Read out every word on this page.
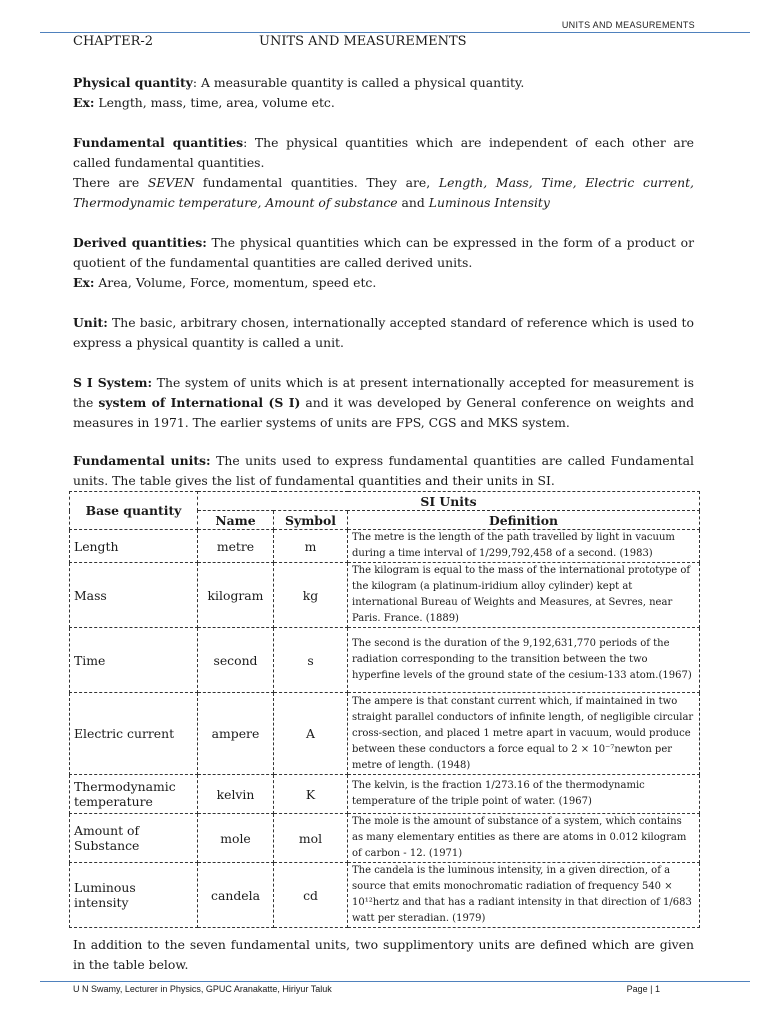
UNITS AND MEASUREMENTS
CHAPTER-2	UNITS AND MEASUREMENTS

Physical quantity: A measurable quantity is called a physical quantity.

Ex: Length, mass, time, area, volume etc.

Fundamental quantities: The physical quantities which are independent of each other are called fundamental quantities.

There are SEVEN fundamental quantities. They are, Length, Mass, Time, Electric current, Thermodynamic temperature, Amount of substance and Luminous Intensity

Derived quantities: The physical quantities which can be expressed in the form of a product or quotient of the fundamental quantities are called derived units.

Ex: Area, Volume, Force, momentum, speed etc.

Unit: The basic, arbitrary chosen, internationally accepted standard of reference which is used to express a physical quantity is called a unit.

S I System: The system of units which is at present internationally accepted for measurement is the system of International (S I) and it was developed by General conference on weights and measures in 1971. The earlier systems of units are FPS, CGS and MKS system.

Fundamental units: The units used to express fundamental quantities are called Fundamental units. The table gives the list of fundamental quantities and their units in SI.

Base quantity	SI Units		
	Name	Symbol	Definition
Length	metre	m	The metre is the length of the path travelled by light in vacuum during a time interval of 1/299,792,458 of a second. (1983)
Mass	kilogram	kg	The kilogram is equal to the mass of the international prototype of the kilogram (a platinum-iridium alloy cylinder) kept at international Bureau of Weights and Measures, at Sevres, near Paris. France. (1889)
Time	second	s	The second is the duration of the 9,192,631,770 periods of the radiation corresponding to the transition between the two hyperfine levels of the ground state of the cesium-133 atom.(1967)
Electric current	ampere	A	The ampere is that constant current which, if maintained in two straight parallel conductors of infinite length, of negligible circular cross-section, and placed 1 metre apart in vacuum, would produce between these conductors a force equal to 2 × 10⁻⁷newton per metre of length. (1948)
Thermodynamic temperature	kelvin	K	The kelvin, is the fraction 1/273.16 of the thermodynamic temperature of the triple point of water. (1967)
Amount of Substance	mole	mol	The mole is the amount of substance of a system, which contains as many elementary entities as there are atoms in 0.012 kilogram of carbon - 12. (1971)
Luminous intensity	candela	cd	The candela is the luminous intensity, in a given direction, of a source that emits monochromatic radiation of frequency 540 × 10¹²hertz and that has a radiant intensity in that direction of 1/683 watt per steradian. (1979)

In addition to the seven fundamental units, two supplimentory units are defined which are given in the table below.

U N Swamy, Lecturer in Physics, GPUC Aranakatte, Hiriyur Taluk	Page | 1
